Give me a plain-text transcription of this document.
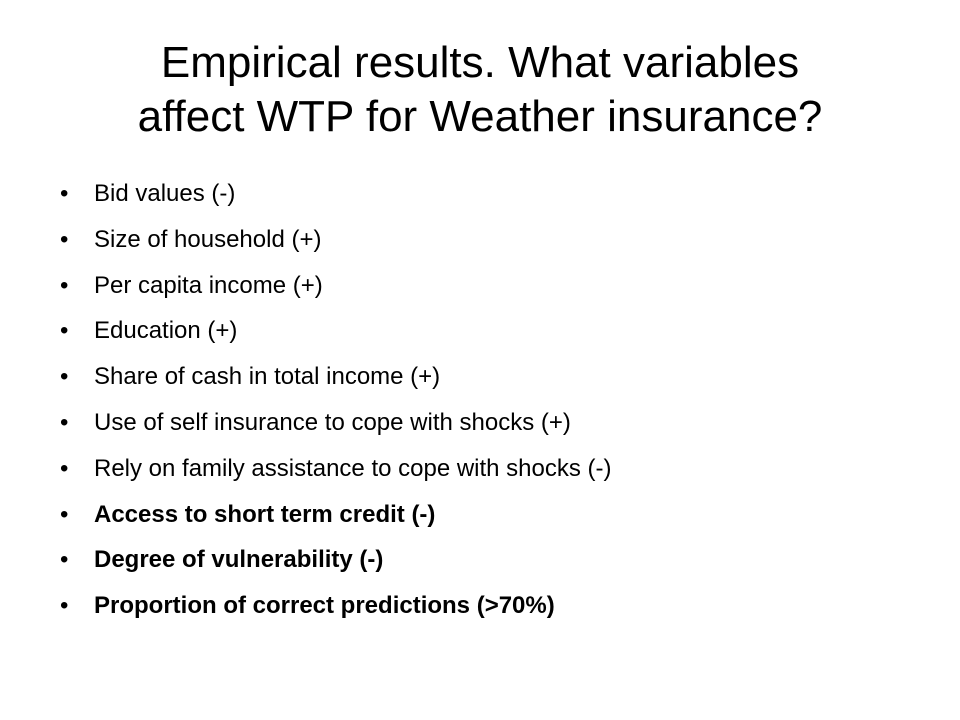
Empirical results. What variables
affect WTP for Weather insurance?
•	Bid values (-)
•	Size of household (+)
•	Per capita income (+)
•	Education (+)
•	Share of cash in total income (+)
•	Use of self insurance to cope with shocks (+)
•	Rely on family assistance to cope with shocks (-)
•	Access to short term credit (-)
•	Degree of vulnerability (-)
•	Proportion of correct predictions (>70%)
